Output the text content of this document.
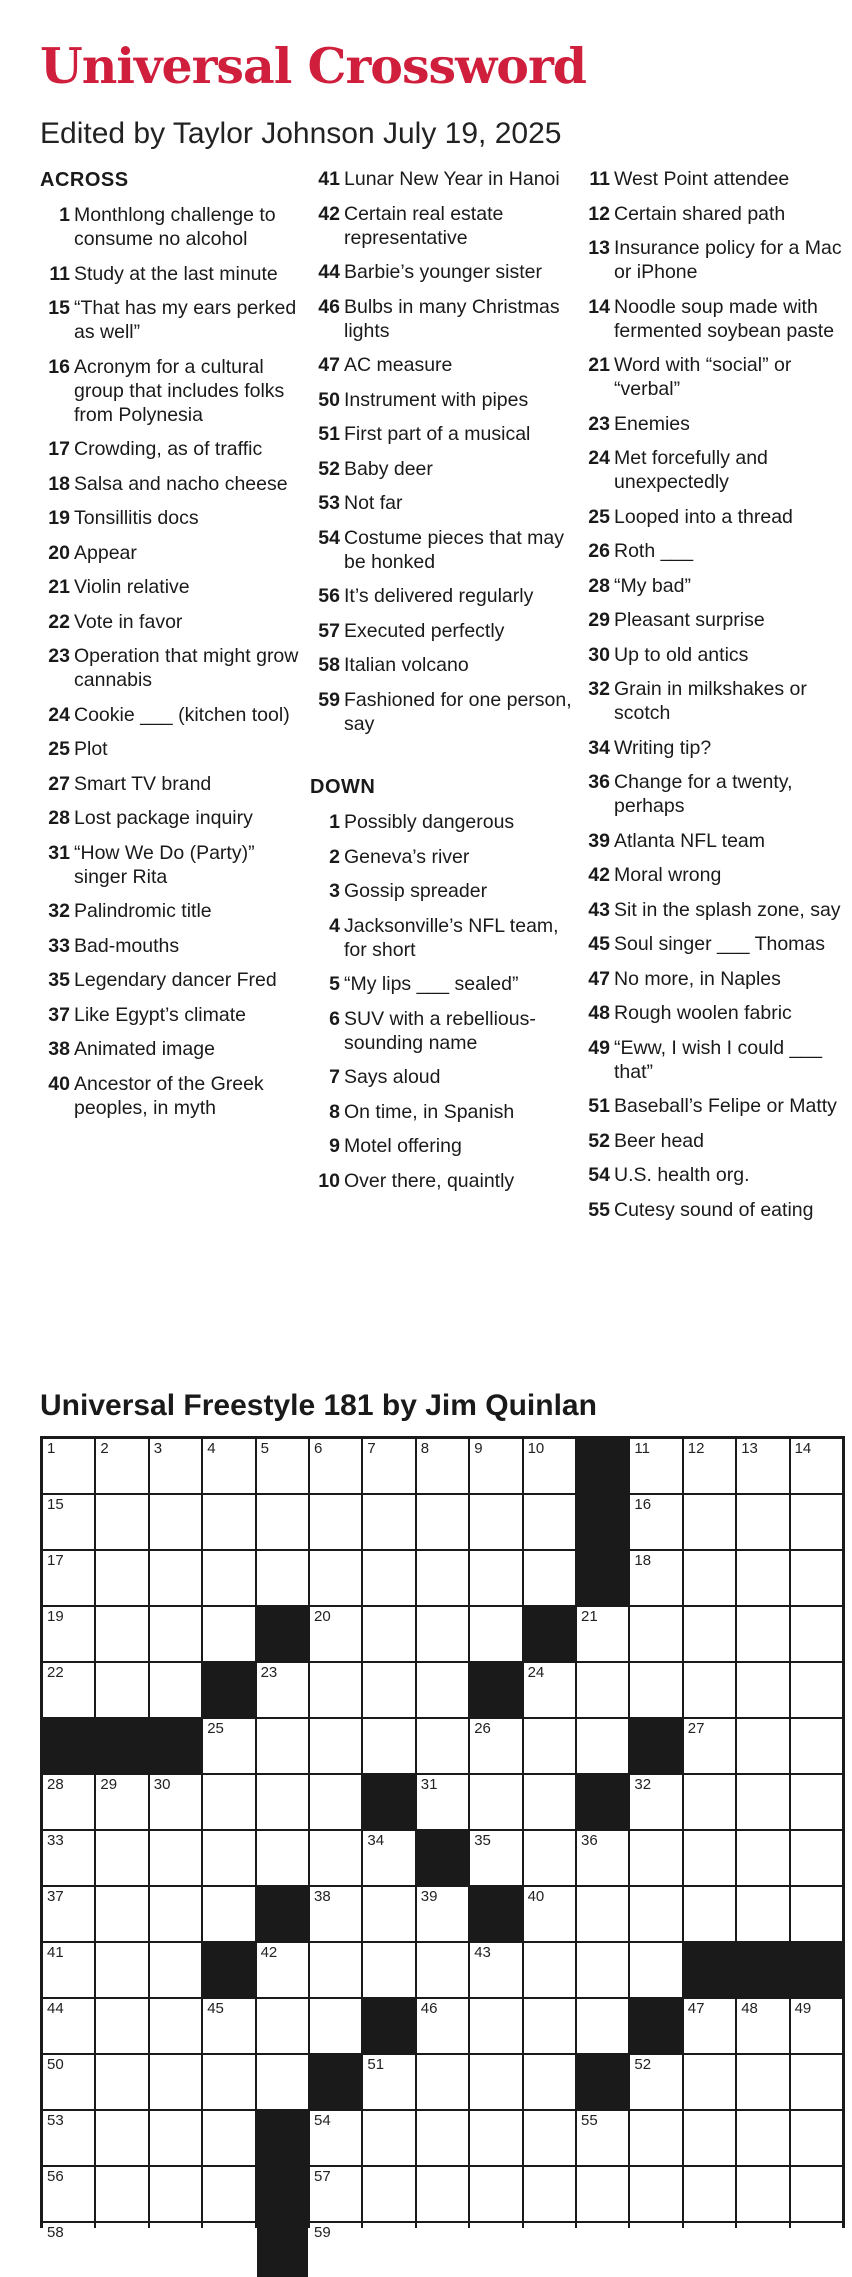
Universal Crossword
Edited by Taylor Johnson July 19, 2025
ACROSS
1 Monthlong challenge to consume no alcohol
11 Study at the last minute
15 “That has my ears perked as well”
16 Acronym for a cultural group that includes folks from Polynesia
17 Crowding, as of traffic
18 Salsa and nacho cheese
19 Tonsillitis docs
20 Appear
21 Violin relative
22 Vote in favor
23 Operation that might grow cannabis
24 Cookie ___ (kitchen tool)
25 Plot
27 Smart TV brand
28 Lost package inquiry
31 “How We Do (Party)” singer Rita
32 Palindromic title
33 Bad-mouths
35 Legendary dancer Fred
37 Like Egypt’s climate
38 Animated image
40 Ancestor of the Greek peoples, in myth
41 Lunar New Year in Hanoi
42 Certain real estate representative
44 Barbie’s younger sister
46 Bulbs in many Christmas lights
47 AC measure
50 Instrument with pipes
51 First part of a musical
52 Baby deer
53 Not far
54 Costume pieces that may be honked
56 It’s delivered regularly
57 Executed perfectly
58 Italian volcano
59 Fashioned for one person, say
DOWN
1 Possibly dangerous
2 Geneva’s river
3 Gossip spreader
4 Jacksonville’s NFL team, for short
5 “My lips ___ sealed”
6 SUV with a rebellious-sounding name
7 Says aloud
8 On time, in Spanish
9 Motel offering
10 Over there, quaintly
11 West Point attendee
12 Certain shared path
13 Insurance policy for a Mac or iPhone
14 Noodle soup made with fermented soybean paste
21 Word with “social” or “verbal”
23 Enemies
24 Met forcefully and unexpectedly
25 Looped into a thread
26 Roth ___
28 “My bad”
29 Pleasant surprise
30 Up to old antics
32 Grain in milkshakes or scotch
34 Writing tip?
36 Change for a twenty, perhaps
39 Atlanta NFL team
42 Moral wrong
43 Sit in the splash zone, say
45 Soul singer ___ Thomas
47 No more, in Naples
48 Rough woolen fabric
49 “Eww, I wish I could ___ that”
51 Baseball’s Felipe or Matty
52 Beer head
54 U.S. health org.
55 Cutesy sound of eating
Universal Freestyle 181 by Jim Quinlan
1	2	3	4	5	6	7	8	9	10	11	12 13 14
15	16
17	18
19	20	21
22	23	24
25	26	27
28 29 30	31	32
33	34	35	36
37	38	39	40
41	42	43
44	45	46	47 48 49
50	51	52
53	54	55
56	57
58	59
